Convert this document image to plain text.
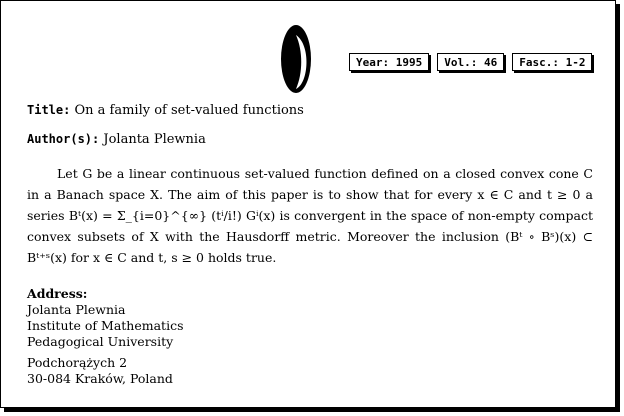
Year: 1995	Vol.: 46	Fasc.: 1-2

Title: On a family of set-valued functions

Author(s): Jolanta Plewnia

Let G be a linear continuous set-valued function defined on a closed convex cone C in a Banach space X. The aim of this paper is to show that for every x ∈ C and t ≥ 0 a series Bᵗ(x) = Σ_{i=0}^{∞} (tⁱ/i!) Gⁱ(x) is convergent in the space of non-empty compact convex subsets of X with the Hausdorff metric. Moreover the inclusion (Bᵗ ∘ Bˢ)(x) ⊂ Bᵗ⁺ˢ(x) for x ∈ C and t, s ≥ 0 holds true.

Address:

Jolanta Plewnia

Institute of Mathematics

Pedagogical University

Podchorążych 2

30-084 Kraków, Poland
